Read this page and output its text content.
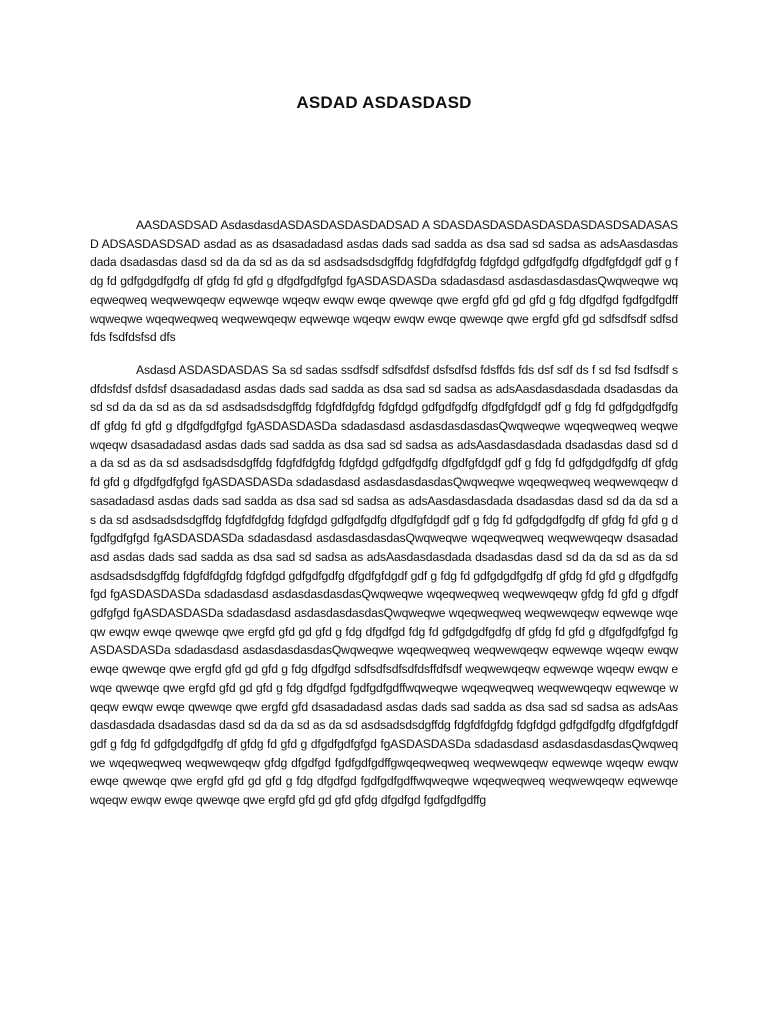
ASDAD ASDASDASD

AASDASDSAD AsdasdasdASDASDASDASDADSAD A SDASDASDASDASDASDASDASDSADASASD ADSASDASDSAD asdad as as dsasadadasd asdas dads sad sadda as dsa sad sd sadsa as adsAasdasdasdada dsadasdas dasd sd da da sd as da sd asdsadsdsdgffdg fdgfdfdgfdg fdgfdgd gdfgdfgdfg dfgdfgfdgdf gdf g fdg fd gdfgdgdfgdfg df gfdg fd gfd g dfgdfgdfgfgd fgASDASDASDa sdadasdasd asdasdasdasdasQwqweqwe wqeqweqweq weqwewqeqw eqwewqe wqeqw ewqw ewqe qwewqe qwe ergfd gfd gd gfd g fdg dfgdfgd fgdfgdfgdffwqweqwe wqeqweqweq weqwewqeqw eqwewqe wqeqw ewqw ewqe qwewqe qwe ergfd gfd gd sdfsdfsdf sdfsdfds fsdfdsfsd dfs

Asdasd ASDASDASDAS Sa sd sadas ssdfsdf sdfsdfdsf dsfsdfsd fdsffds fds dsf sdf ds f sd fsd fsdfsdf sdfdsfdsf dsfdsf dsasadadasd asdas dads sad sadda as dsa sad sd sadsa as adsAasdasdasdada dsadasdas dasd sd da da sd as da sd asdsadsdsdgffdg fdgfdfdgfdg fdgfdgd gdfgdfgdfg dfgdfgfdgdf gdf g fdg fd gdfgdgdfgdfg df gfdg fd gfd g dfgdfgdfgfgd fgASDASDASDa sdadasdasd asdasdasdasdasQwqweqwe wqeqweqweq weqwewqeqw dsasadadasd asdas dads sad sadda as dsa sad sd sadsa as adsAasdasdasdada dsadasdas dasd sd da da sd as da sd asdsadsdsdgffdg fdgfdfdgfdg fdgfdgd gdfgdfgdfg dfgdfgfdgdf gdf g fdg fd gdfgdgdfgdfg df gfdg fd gfd g dfgdfgdfgfgd fgASDASDASDa sdadasdasd asdasdasdasdasQwqweqwe wqeqweqweq weqwewqeqw dsasadadasd asdas dads sad sadda as dsa sad sd sadsa as adsAasdasdasdada dsadasdas dasd sd da da sd as da sd asdsadsdsdgffdg fdgfdfdgfdg fdgfdgd gdfgdfgdfg dfgdfgfdgdf gdf g fdg fd gdfgdgdfgdfg df gfdg fd gfd g dfgdfgdfgfgd fgASDASDASDa sdadasdasd asdasdasdasdasQwqweqwe wqeqweqweq weqwewqeqw dsasadadasd asdas dads sad sadda as dsa sad sd sadsa as adsAasdasdasdada dsadasdas dasd sd da da sd as da sd asdsadsdsdgffdg fdgfdfdgfdg fdgfdgd gdfgdfgdfg dfgdfgfdgdf gdf g fdg fd gdfgdgdfgdfg df gfdg fd gfd g dfgdfgdfgfgd fgASDASDASDa sdadasdasd asdasdasdasdasQwqweqwe wqeqweqweq weqwewqeqw gfdg fd gfd g dfgdfgdfgfgd fgASDASDASDa sdadasdasd asdasdasdasdasQwqweqwe wqeqweqweq weqwewqeqw eqwewqe wqeqw ewqw ewqe qwewqe qwe ergfd gfd gd gfd g fdg dfgdfgd fdg fd gdfgdgdfgdfg df gfdg fd gfd g dfgdfgdfgfgd fgASDASDASDa sdadasdasd asdasdasdasdasQwqweqwe wqeqweqweq weqwewqeqw eqwewqe wqeqw ewqw ewqe qwewqe qwe ergfd gfd gd gfd g fdg dfgdfgd sdfsdfsdfsdfdsffdfsdf weqwewqeqw eqwewqe wqeqw ewqw ewqe qwewqe qwe ergfd gfd gd gfd g fdg dfgdfgd fgdfgdfgdffwqweqwe wqeqweqweq weqwewqeqw eqwewqe wqeqw ewqw ewqe qwewqe qwe ergfd gfd dsasadadasd asdas dads sad sadda as dsa sad sd sadsa as adsAasdasdasdada dsadasdas dasd sd da da sd as da sd asdsadsdsdgffdg fdgfdfdgfdg fdgfdgd gdfgdfgdfg dfgdfgfdgdf gdf g fdg fd gdfgdgdfgdfg df gfdg fd gfd g dfgdfgdfgfgd fgASDASDASDa sdadasdasd asdasdasdasdasQwqweqwe wqeqweqweq weqwewqeqw gfdg dfgdfgd fgdfgdfgdffgwqeqweqweq weqwewqeqw eqwewqe wqeqw ewqw ewqe qwewqe qwe ergfd gfd gd gfd g fdg dfgdfgd fgdfgdfgdffwqweqwe wqeqweqweq weqwewqeqw eqwewqe wqeqw ewqw ewqe qwewqe qwe ergfd gfd gd gfd gfdg dfgdfgd fgdfgdfgdffg
